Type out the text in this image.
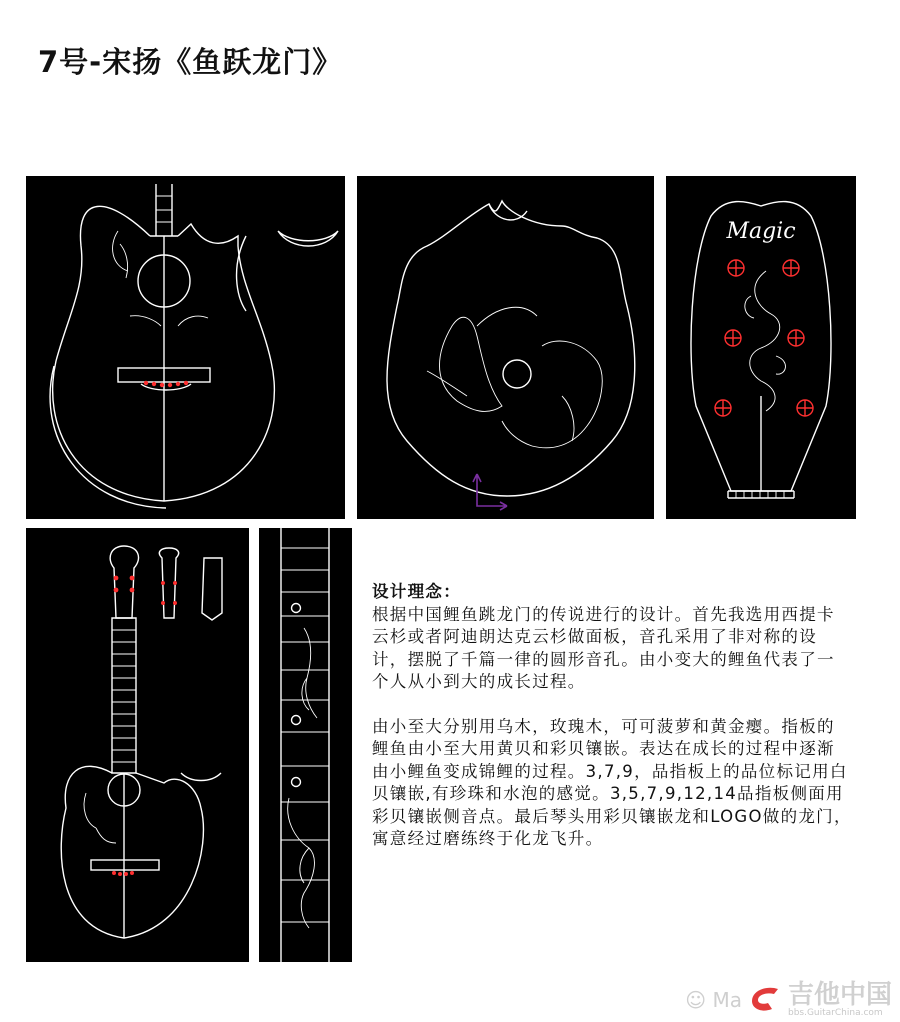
7号-宋扬《鱼跃龙门》
Magic
设计理念：

根据中国鲤鱼跳龙门的传说进行的设计。首先我选用西提卡云杉或者阿迪朗达克云杉做面板，音孔采用了非对称的设计，摆脱了千篇一律的圆形音孔。由小变大的鲤鱼代表了一个人从小到大的成长过程。

由小至大分别用乌木，玫瑰木，可可菠萝和黄金瘿。指板的鲤鱼由小至大用黄贝和彩贝镶嵌。表达在成长的过程中逐渐由小鲤鱼变成锦鲤的过程。3,7,9，品指板上的品位标记用白贝镶嵌,有珍珠和水泡的感觉。3,5,7,9,12,14品指板侧面用彩贝镶嵌侧音点。最后琴头用彩贝镶嵌龙和LOGO做的龙门，寓意经过磨练终于化龙飞升。

☺ Ma 吉他中国
bbs.GuitarChina.com
